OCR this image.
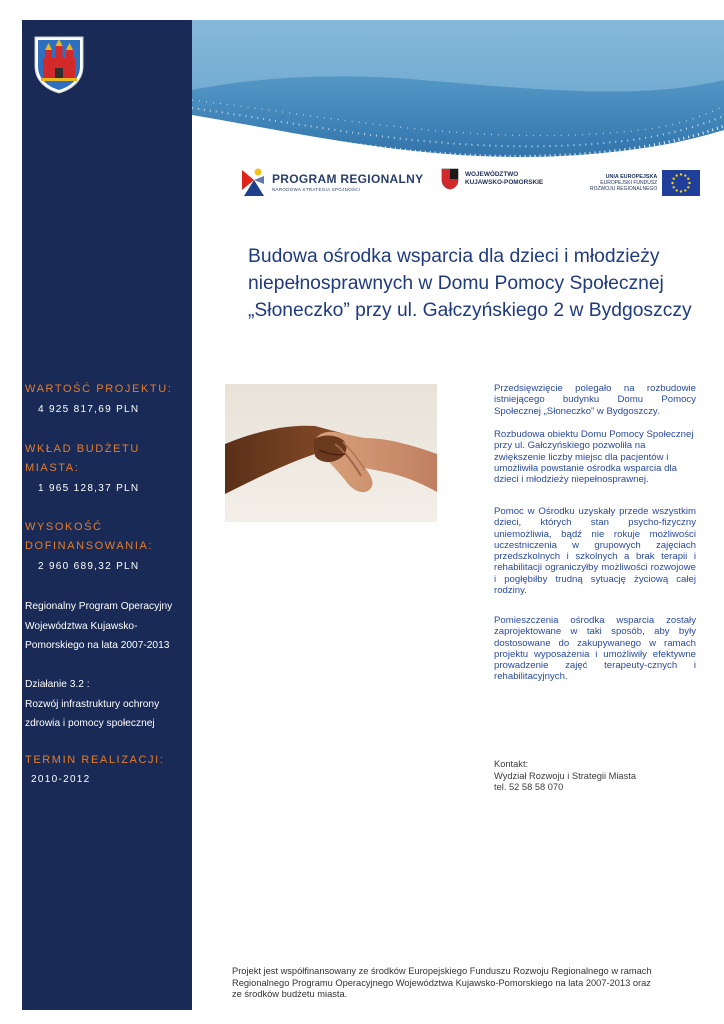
PROGRAM REGIONALNY
NARODOWA STRATEGIA SPÓJNOŚCI
WOJEWÓDZTWO
KUJAWSKO-POMORSKIE
UNIA EUROPEJSKA
EUROPEJSKI FUNDUSZ
ROZWOJU REGIONALNEGO
Budowa ośrodka wsparcia dla dzieci i młodzieży
niepełnosprawnych w Domu Pomocy Społecznej
„Słoneczko” przy ul. Gałczyńskiego 2 w Bydgoszczy
WARTOŚĆ PROJEKTU:
4 925 817,69 PLN
WKŁAD BUDŻETU
MIASTA:
1 965 128,37 PLN
WYSOKOŚĆ
DOFINANSOWANIA:
2 960 689,32 PLN
Regionalny Program Operacyjny
Województwa Kujawsko-
Pomorskiego na lata 2007-2013
Działanie 3.2 :
Rozwój infrastruktury ochrony
zdrowia i pomocy społecznej
TERMIN REALIZACJI:
2010-2012
Przedsięwzięcie polegało na rozbudowie istniejącego budynku Domu Pomocy Społecznej „Słoneczko” w Bydgoszczy.
Rozbudowa obiektu Domu Pomocy Społecznej przy ul. Gałczyńskiego pozwoliła na zwiększenie liczby miejsc dla pacjentów i umożliwiła powstanie ośrodka wsparcia dla dzieci i młodzieży niepełnosprawnej.
Pomoc w Ośrodku uzyskały przede wszystkim dzieci, których stan psycho-fizyczny uniemożliwia, bądź nie rokuje możliwości uczestniczenia w grupowych zajęciach przedszkolnych i szkolnych a brak terapii i rehabilitacji ograniczyłby możliwości rozwojowe i pogłębiłby trudną sytuację życiową całej rodziny.
Pomieszczenia ośrodka wsparcia zostały zaprojektowane w taki sposób, aby były dostosowane do zakupywanego w ramach projektu wyposażenia i umożliwiły efektywne prowadzenie zajęć terapeuty-cznych i rehabilitacyjnych.
Kontakt:
Wydział Rozwoju i Strategii Miasta
tel. 52 58 58 070
Projekt jest współfinansowany ze środków Europejskiego Funduszu Rozwoju Regionalnego w ramach
Regionalnego Programu Operacyjnego Województwa Kujawsko-Pomorskiego na lata 2007-2013 oraz
ze środków budżetu miasta.
